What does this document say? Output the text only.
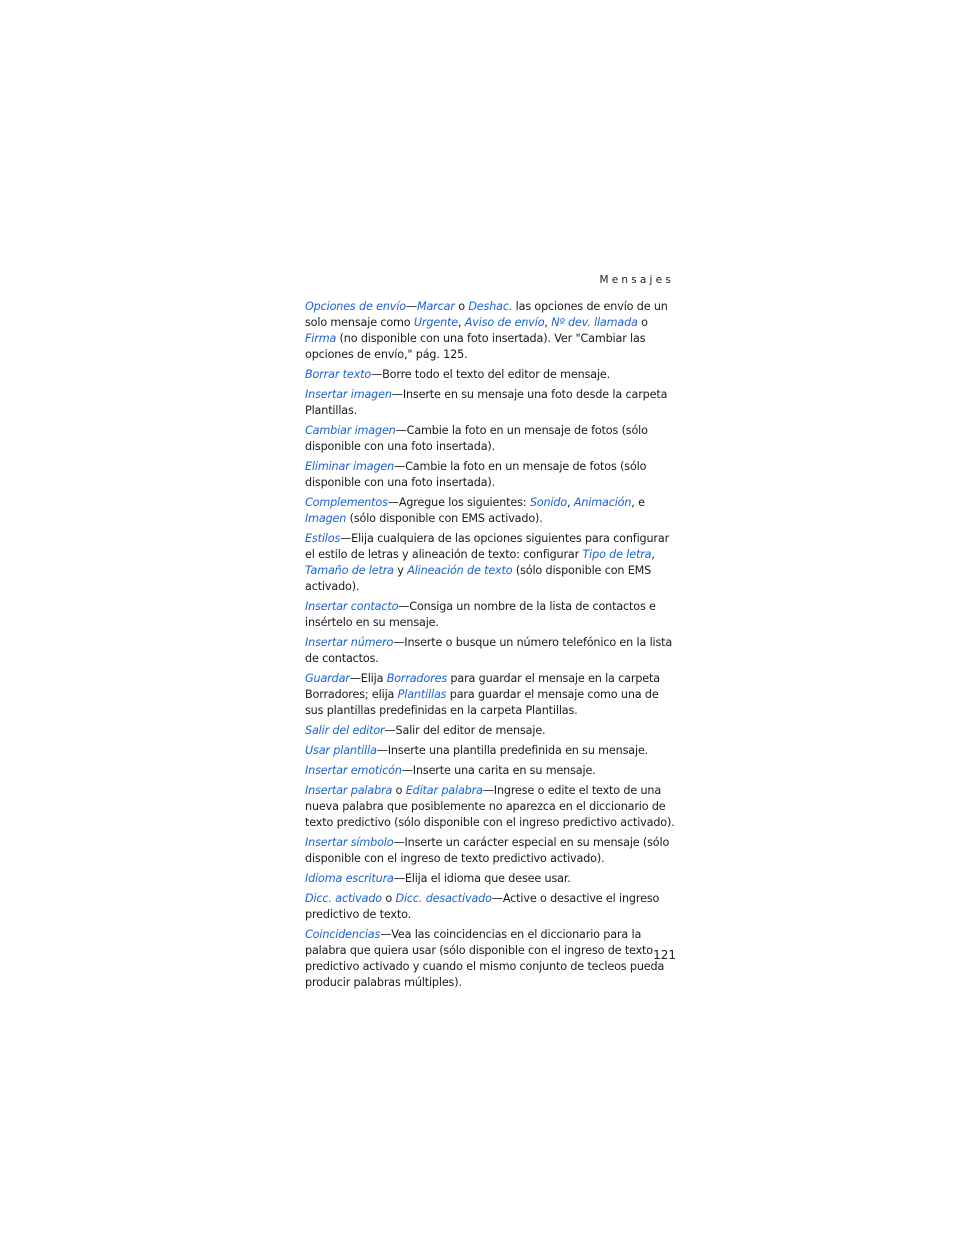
Mensajes

Opciones de envío—Marcar o Deshac. las opciones de envío de un solo mensaje como Urgente, Aviso de envío, Nº dev. llamada o Firma (no disponible con una foto insertada). Ver "Cambiar las opciones de envío," pág. 125.

Borrar texto—Borre todo el texto del editor de mensaje.

Insertar imagen—Inserte en su mensaje una foto desde la carpeta Plantillas.

Cambiar imagen—Cambie la foto en un mensaje de fotos (sólo disponible con una foto insertada).

Eliminar imagen—Cambie la foto en un mensaje de fotos (sólo disponible con una foto insertada).

Complementos—Agregue los siguientes: Sonido, Animación, e Imagen (sólo disponible con EMS activado).

Estilos—Elija cualquiera de las opciones siguientes para configurar el estilo de letras y alineación de texto: configurar Tipo de letra, Tamaño de letra y Alineación de texto (sólo disponible con EMS activado).

Insertar contacto—Consiga un nombre de la lista de contactos e insértelo en su mensaje.

Insertar número—Inserte o busque un número telefónico en la lista de contactos.

Guardar—Elija Borradores para guardar el mensaje en la carpeta Borradores; elija Plantillas para guardar el mensaje como una de sus plantillas predefinidas en la carpeta Plantillas.

Salir del editor—Salir del editor de mensaje.

Usar plantilla—Inserte una plantilla predefinida en su mensaje.

Insertar emoticón—Inserte una carita en su mensaje.

Insertar palabra o Editar palabra—Ingrese o edite el texto de una nueva palabra que posiblemente no aparezca en el diccionario de texto predictivo (sólo disponible con el ingreso predictivo activado).

Insertar símbolo—Inserte un carácter especial en su mensaje (sólo disponible con el ingreso de texto predictivo activado).

Idioma escritura—Elija el idioma que desee usar.

Dicc. activado o Dicc. desactivado—Active o desactive el ingreso predictivo de texto.

Coincidencias—Vea las coincidencias en el diccionario para la palabra que quiera usar (sólo disponible con el ingreso de texto predictivo activado y cuando el mismo conjunto de tecleos pueda producir palabras múltiples).

121
